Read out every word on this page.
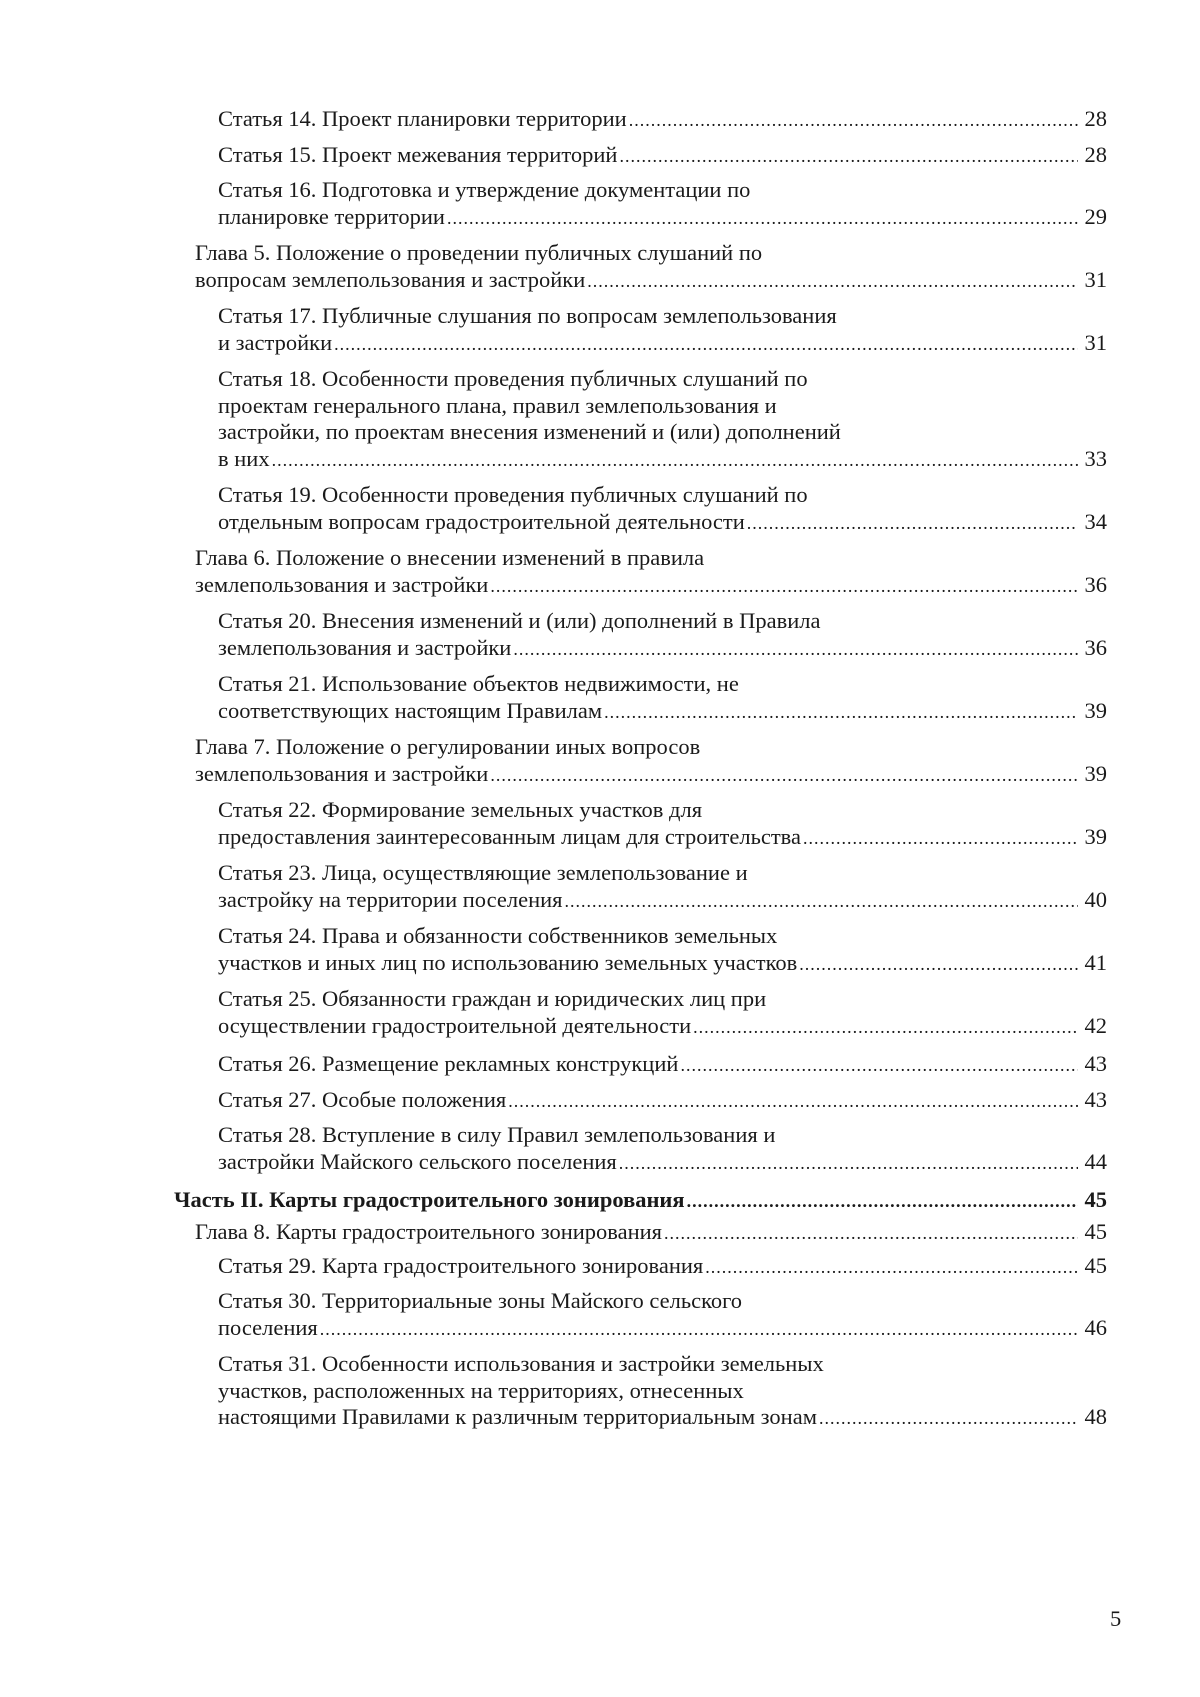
Статья 14. Проект планировки территории .....	28
Статья 15. Проект межевания территорий .....	28
Статья 16. Подготовка и утверждение документации по
планировке территории .....	29
Глава 5. Положение о проведении публичных слушаний по
вопросам землепользования и застройки .....	31
Статья 17. Публичные слушания по вопросам землепользования
и застройки .....	31
Статья 18. Особенности проведения публичных слушаний по
проектам генерального плана, правил землепользования и
застройки, по проектам внесения изменений и (или) дополнений
в них .....	33
Статья 19. Особенности проведения публичных слушаний по
отдельным вопросам градостроительной деятельности .....	34
Глава 6. Положение о внесении изменений в правила
землепользования и застройки .....	36
Статья 20. Внесения изменений и (или) дополнений в Правила
землепользования и застройки .....	36
Статья 21. Использование объектов недвижимости, не
соответствующих настоящим Правилам .....	39
Глава 7. Положение о регулировании иных вопросов
землепользования и застройки .....	39
Статья 22. Формирование земельных участков для
предоставления заинтересованным лицам для строительства .....	39
Статья 23. Лица, осуществляющие землепользование и
застройку на территории поселения .....	40
Статья 24. Права и обязанности собственников земельных
участков и иных лиц по использованию земельных участков .....	41
Статья 25. Обязанности граждан и юридических лиц при
осуществлении градостроительной деятельности .....	42
Статья 26. Размещение рекламных конструкций .....	43
Статья 27. Особые положения .....	43
Статья 28. Вступление в силу Правил землепользования и
застройки Майского сельского поселения .....	44
Часть II. Карты градостроительного зонирования .....	45
Глава 8. Карты градостроительного зонирования .....	45
Статья 29. Карта градостроительного зонирования .....	45
Статья 30. Территориальные зоны Майского сельского
поселения .....	46
Статья 31. Особенности использования и застройки земельных
участков, расположенных на территориях, отнесенных
настоящими Правилами к различным территориальным зонам .....	48
5
